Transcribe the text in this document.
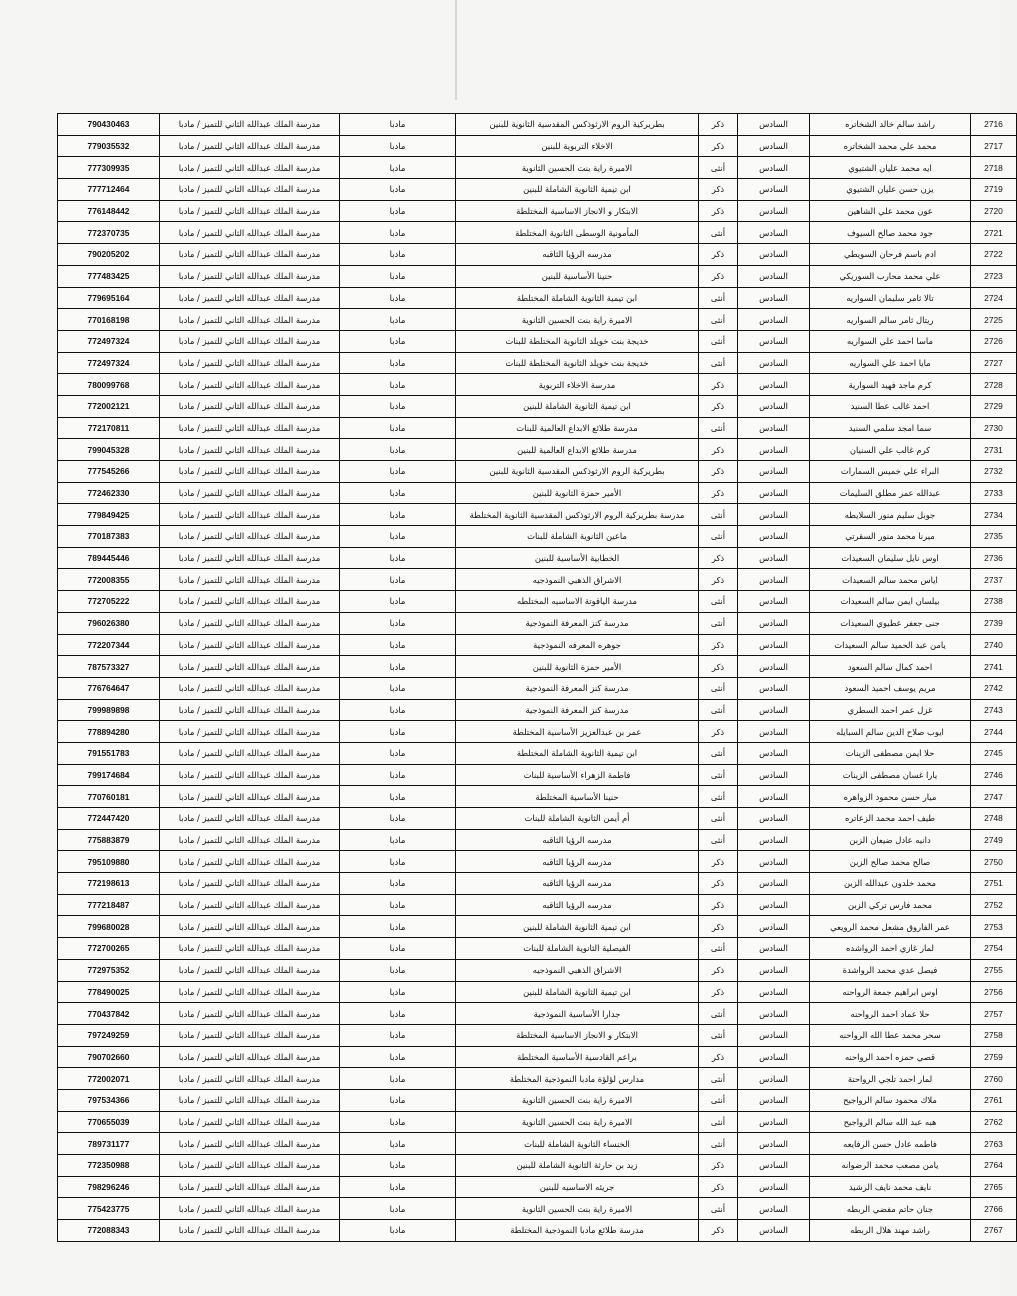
2716	راشد سالم خالد الشخاتره	السادس	ذكر	بطريركية الروم الارثوذكس المقدسية الثانوية للبنين	مادبا	مدرسة الملك عبدالله الثاني للتميز / مادبا	790430463
2717	محمد علي محمد الشخاتره	السادس	ذكر	الاخلاء التربوية للبنين	مادبا	مدرسة الملك عبدالله الثاني للتميز / مادبا	779035532
2718	ايه محمد عليان الشتيوي	السادس	أنثى	الاميرة راية بنت الحسين الثانوية	مادبا	مدرسة الملك عبدالله الثاني للتميز / مادبا	777309935
2719	يزن حسن عليان الشتيوي	السادس	ذكر	ابن تيمية الثانوية الشاملة للبنين	مادبا	مدرسة الملك عبدالله الثاني للتميز / مادبا	777712464
2720	عون محمد علي الشاهين	السادس	ذكر	الابتكار و الانجاز الاساسية المختلطة	مادبا	مدرسة الملك عبدالله الثاني للتميز / مادبا	776148442
2721	جود محمد صالح السيوف	السادس	أنثى	المأمونية الوسطى الثانوية المختلطة	مادبا	مدرسة الملك عبدالله الثاني للتميز / مادبا	772370735
2722	ادم باسم فرحان السويطي	السادس	ذكر	مدرسه الرؤيا الثاقبه	مادبا	مدرسة الملك عبدالله الثاني للتميز / مادبا	790205202
2723	علي محمد محارب السوريكي	السادس	ذكر	حنينا الأساسية للبنين	مادبا	مدرسة الملك عبدالله الثاني للتميز / مادبا	777483425
2724	تالا ثامر سليمان السواريه	السادس	أنثى	ابن تيمية الثانوية الشاملة المختلطة	مادبا	مدرسة الملك عبدالله الثاني للتميز / مادبا	779695164
2725	ريتال ثامر سالم السواريه	السادس	أنثى	الاميرة راية بنت الحسين الثانوية	مادبا	مدرسة الملك عبدالله الثاني للتميز / مادبا	770168198
2726	ماسا احمد علي السواريه	السادس	أنثى	خديجة بنت خويلد الثانوية المختلطة للبنات	مادبا	مدرسة الملك عبدالله الثاني للتميز / مادبا	772497324
2727	مايا احمد علي السواريه	السادس	أنثى	خديجة بنت خويلد الثانوية المختلطة للبنات	مادبا	مدرسة الملك عبدالله الثاني للتميز / مادبا	772497324
2728	كرم ماجد فهيد السوارية	السادس	ذكر	مدرسة الاخلاء التربوية	مادبا	مدرسة الملك عبدالله الثاني للتميز / مادبا	780099768
2729	احمد غالب عطا السنيد	السادس	ذكر	ابن تيمية الثانوية الشاملة للبنين	مادبا	مدرسة الملك عبدالله الثاني للتميز / مادبا	772002121
2730	سما امجد سلمي السنيد	السادس	أنثى	مدرسة طلائع الابداع العالمية للبنات	مادبا	مدرسة الملك عبدالله الثاني للتميز / مادبا	772170811
2731	كرم غالب علي السنيان	السادس	ذكر	مدرسة طلائع الابداع العالمية للبنين	مادبا	مدرسة الملك عبدالله الثاني للتميز / مادبا	799045328
2732	البراء علي خميس السمارات	السادس	ذكر	بطريركية الروم الارثوذكس المقدسية الثانوية للبنين	مادبا	مدرسة الملك عبدالله الثاني للتميز / مادبا	777545266
2733	عبدالله عمر مطلق السليمات	السادس	ذكر	الأمير حمزة الثانوية للبنين	مادبا	مدرسة الملك عبدالله الثاني للتميز / مادبا	772462330
2734	جوبل سليم منور السلايطه	السادس	أنثى	مدرسة بطريركية الروم الارثوذكس المقدسية الثانوية المختلطة	مادبا	مدرسة الملك عبدالله الثاني للتميز / مادبا	779849425
2735	ميرنا محمد منور السقرتي	السادس	أنثى	ماعين الثانوية الشاملة للبنات	مادبا	مدرسة الملك عبدالله الثاني للتميز / مادبا	770187383
2736	اوس نايل سليمان السعيدات	السادس	ذكر	الخطابية الأساسية للبنين	مادبا	مدرسة الملك عبدالله الثاني للتميز / مادبا	789445446
2737	اياس محمد سالم السعيدات	السادس	ذكر	الاشراق الذهبي النموذجيه	مادبا	مدرسة الملك عبدالله الثاني للتميز / مادبا	772008355
2738	بيلسان ايمن سالم السعيدات	السادس	أنثى	مدرسة الياقوتة الاساسيه المختلطه	مادبا	مدرسة الملك عبدالله الثاني للتميز / مادبا	772705222
2739	جنى جعفر عطيوي السعيدات	السادس	أنثى	مدرسة كنز المعرفة النموذجية	مادبا	مدرسة الملك عبدالله الثاني للتميز / مادبا	796026380
2740	يامن عبد الحميد سالم السعيدات	السادس	ذكر	جوهره المعرفه النموذجية	مادبا	مدرسة الملك عبدالله الثاني للتميز / مادبا	772207344
2741	احمد كمال سالم السعود	السادس	ذكر	الأمير حمزة الثانوية للبنين	مادبا	مدرسة الملك عبدالله الثاني للتميز / مادبا	787573327
2742	مريم يوسف احميد السعود	السادس	أنثى	مدرسة كنز المعرفة النموذجية	مادبا	مدرسة الملك عبدالله الثاني للتميز / مادبا	776764647
2743	غزل عمر احمد السطري	السادس	أنثى	مدرسة كنز المعرفة النموذجية	مادبا	مدرسة الملك عبدالله الثاني للتميز / مادبا	799989898
2744	ايوب صلاح الدين سالم السبايله	السادس	ذكر	عمر بن عبدالعزيز الأساسية المختلطة	مادبا	مدرسة الملك عبدالله الثاني للتميز / مادبا	778894280
2745	حلا ايمن مصطفى الزينات	السادس	أنثى	ابن تيمية الثانوية الشاملة المختلطة	مادبا	مدرسة الملك عبدالله الثاني للتميز / مادبا	791551783
2746	يارا غسان مصطفى الزينات	السادس	أنثى	فاطمة الزهراء الأساسية للبنات	مادبا	مدرسة الملك عبدالله الثاني للتميز / مادبا	799174684
2747	ميار حسن محمود الزواهره	السادس	أنثى	حنينا الأساسية المختلطة	مادبا	مدرسة الملك عبدالله الثاني للتميز / مادبا	770760181
2748	طيف احمد محمد الزعاتره	السادس	أنثى	أم أيمن الثانوية الشاملة للبنات	مادبا	مدرسة الملك عبدالله الثاني للتميز / مادبا	772447420
2749	دانيه عادل ضيعان الزبن	السادس	أنثى	مدرسه الرؤيا الثاقبه	مادبا	مدرسة الملك عبدالله الثاني للتميز / مادبا	775883879
2750	صالح محمد صالح الزبن	السادس	ذكر	مدرسه الرؤيا الثاقبه	مادبا	مدرسة الملك عبدالله الثاني للتميز / مادبا	795109880
2751	محمد خلدون عبدالله الزبن	السادس	ذكر	مدرسه الرؤيا الثاقبه	مادبا	مدرسة الملك عبدالله الثاني للتميز / مادبا	772198613
2752	محمد فارس تركي الزبن	السادس	ذكر	مدرسه الرؤيا الثاقبه	مادبا	مدرسة الملك عبدالله الثاني للتميز / مادبا	777218487
2753	عمر الفاروق مشعل محمد الرويعي	السادس	ذكر	ابن تيمية الثانوية الشاملة للبنين	مادبا	مدرسة الملك عبدالله الثاني للتميز / مادبا	799680028
2754	لمار غازي احمد الرواشده	السادس	أنثى	الفيصلية الثانوية الشاملة للبنات	مادبا	مدرسة الملك عبدالله الثاني للتميز / مادبا	772700265
2755	فيصل عدي محمد الرواشدة	السادس	ذكر	الاشراق الذهبي النموذجيه	مادبا	مدرسة الملك عبدالله الثاني للتميز / مادبا	772975352
2756	اوس ابراهيم جمعة الرواحنه	السادس	ذكر	ابن تيمية الثانوية الشاملة للبنين	مادبا	مدرسة الملك عبدالله الثاني للتميز / مادبا	778490025
2757	حلا عماد احمد الرواحنه	السادس	أنثى	جدارا الأساسية النموذجية	مادبا	مدرسة الملك عبدالله الثاني للتميز / مادبا	770437842
2758	سحر محمد عطا الله الرواحنه	السادس	أنثى	الابتكار و الانجاز الاساسية المختلطة	مادبا	مدرسة الملك عبدالله الثاني للتميز / مادبا	797249259
2759	قصي حمزه احمد الرواحنه	السادس	ذكر	براعم القادسية الأساسية المختلطة	مادبا	مدرسة الملك عبدالله الثاني للتميز / مادبا	790702660
2760	لمار احمد تلجي الرواحنة	السادس	أنثى	مدارس لؤلؤة مادبا النموذجية المختلطة	مادبا	مدرسة الملك عبدالله الثاني للتميز / مادبا	772002071
2761	ملاك محمود سالم الرواجيح	السادس	أنثى	الاميرة راية بنت الحسين الثانوية	مادبا	مدرسة الملك عبدالله الثاني للتميز / مادبا	797534366
2762	هبه عبد الله سالم الرواجيح	السادس	أنثى	الاميرة راية بنت الحسين الثانوية	مادبا	مدرسة الملك عبدالله الثاني للتميز / مادبا	770655039
2763	فاطمه عادل حسن الرفايعه	السادس	أنثى	الخنساء الثانوية الشاملة للبنات	مادبا	مدرسة الملك عبدالله الثاني للتميز / مادبا	789731177
2764	يامن مصعب محمد الرضوانه	السادس	ذكر	زيد بن حارثة الثانوية الشاملة للبنين	مادبا	مدرسة الملك عبدالله الثاني للتميز / مادبا	772350988
2765	نايف محمد نايف الرشيد	السادس	ذكر	جريئه الاساسيه للبنين	مادبا	مدرسة الملك عبدالله الثاني للتميز / مادبا	798296246
2766	جنان حاتم مفضي الربطه	السادس	أنثى	الاميرة راية بنت الحسين الثانوية	مادبا	مدرسة الملك عبدالله الثاني للتميز / مادبا	775423775
2767	راشد مهند هلال الربطه	السادس	ذكر	مدرسة طلائع مادبا النموذجية المختلطة	مادبا	مدرسة الملك عبدالله الثاني للتميز / مادبا	772088343
